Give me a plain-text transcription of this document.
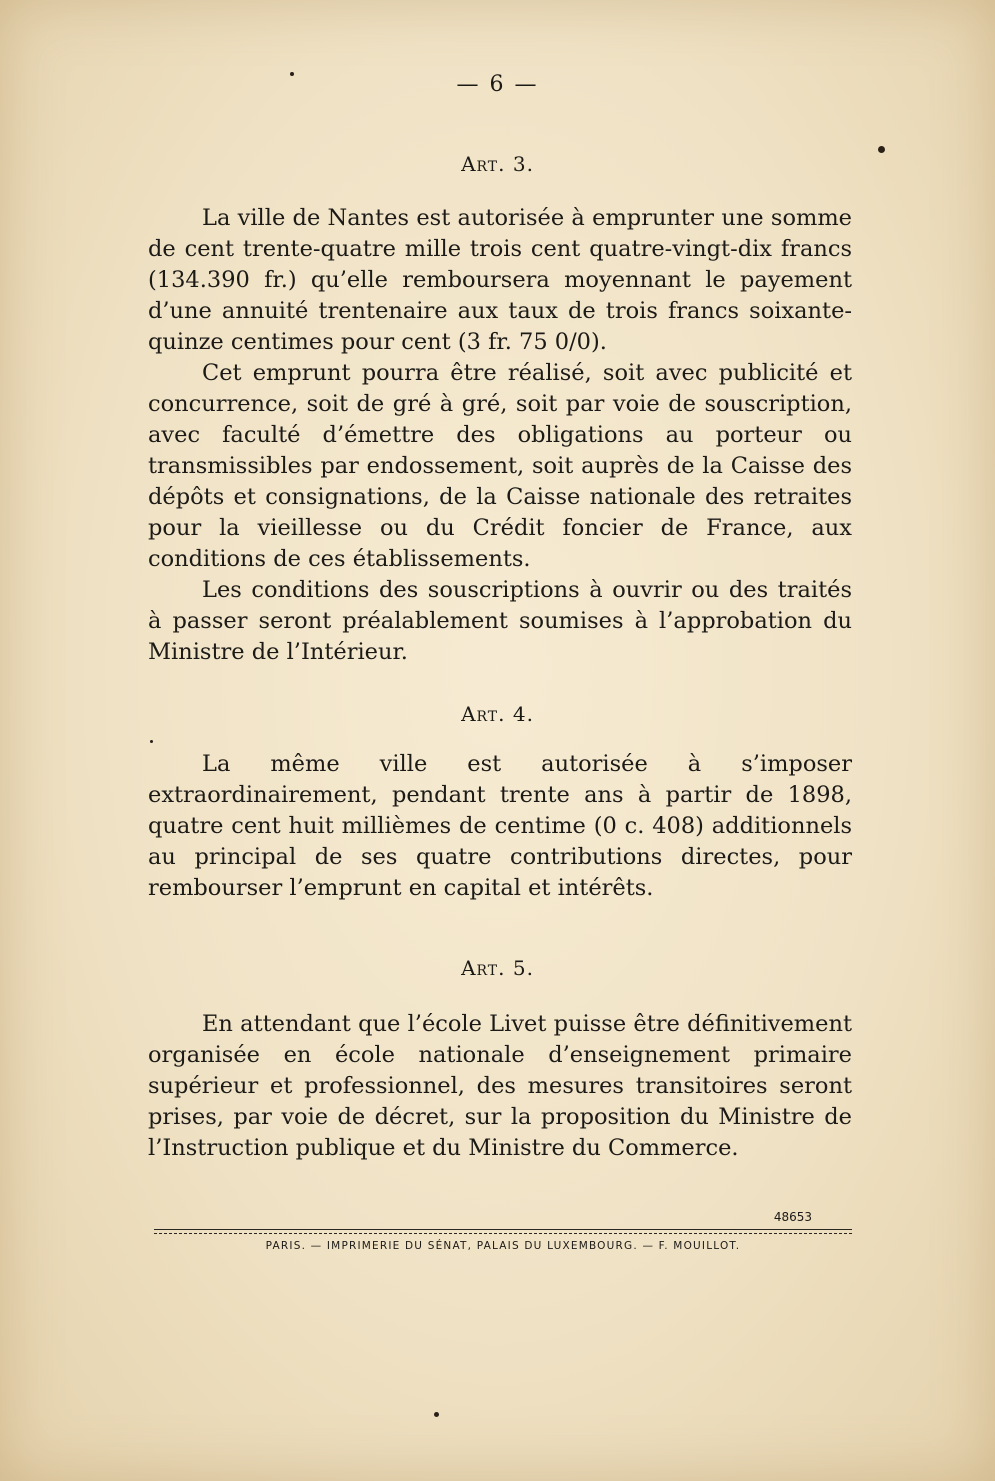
— 6 —
Art. 3.

La ville de Nantes est autorisée à emprunter une somme de cent trente-quatre mille trois cent quatre-vingt-dix francs (134.390 fr.) qu’elle remboursera moyennant le payement d’une annuité trentenaire aux taux de trois francs soixante-quinze centimes pour cent (3 fr. 75 0/0).

Cet emprunt pourra être réalisé, soit avec publicité et concurrence, soit de gré à gré, soit par voie de souscription, avec faculté d’émettre des obligations au porteur ou transmissibles par endossement, soit auprès de la Caisse des dépôts et consignations, de la Caisse nationale des retraites pour la vieillesse ou du Crédit foncier de France, aux conditions de ces établissements.

Les conditions des souscriptions à ouvrir ou des traités à passer seront préalablement soumises à l’approbation du Ministre de l’Intérieur.

Art. 4.

La même ville est autorisée à s’imposer extraordinairement, pendant trente ans à partir de 1898, quatre cent huit millièmes de centime (0 c. 408) additionnels au principal de ses quatre contributions directes, pour rembourser l’emprunt en capital et intérêts.

Art. 5.

En attendant que l’école Livet puisse être définitivement organisée en école nationale d’enseignement primaire supérieur et professionnel, des mesures transitoires seront prises, par voie de décret, sur la proposition du Ministre de l’Instruction publique et du Ministre du Commerce.

48653
PARIS. — IMPRIMERIE DU SÉNAT, PALAIS DU LUXEMBOURG. — F. MOUILLOT.
